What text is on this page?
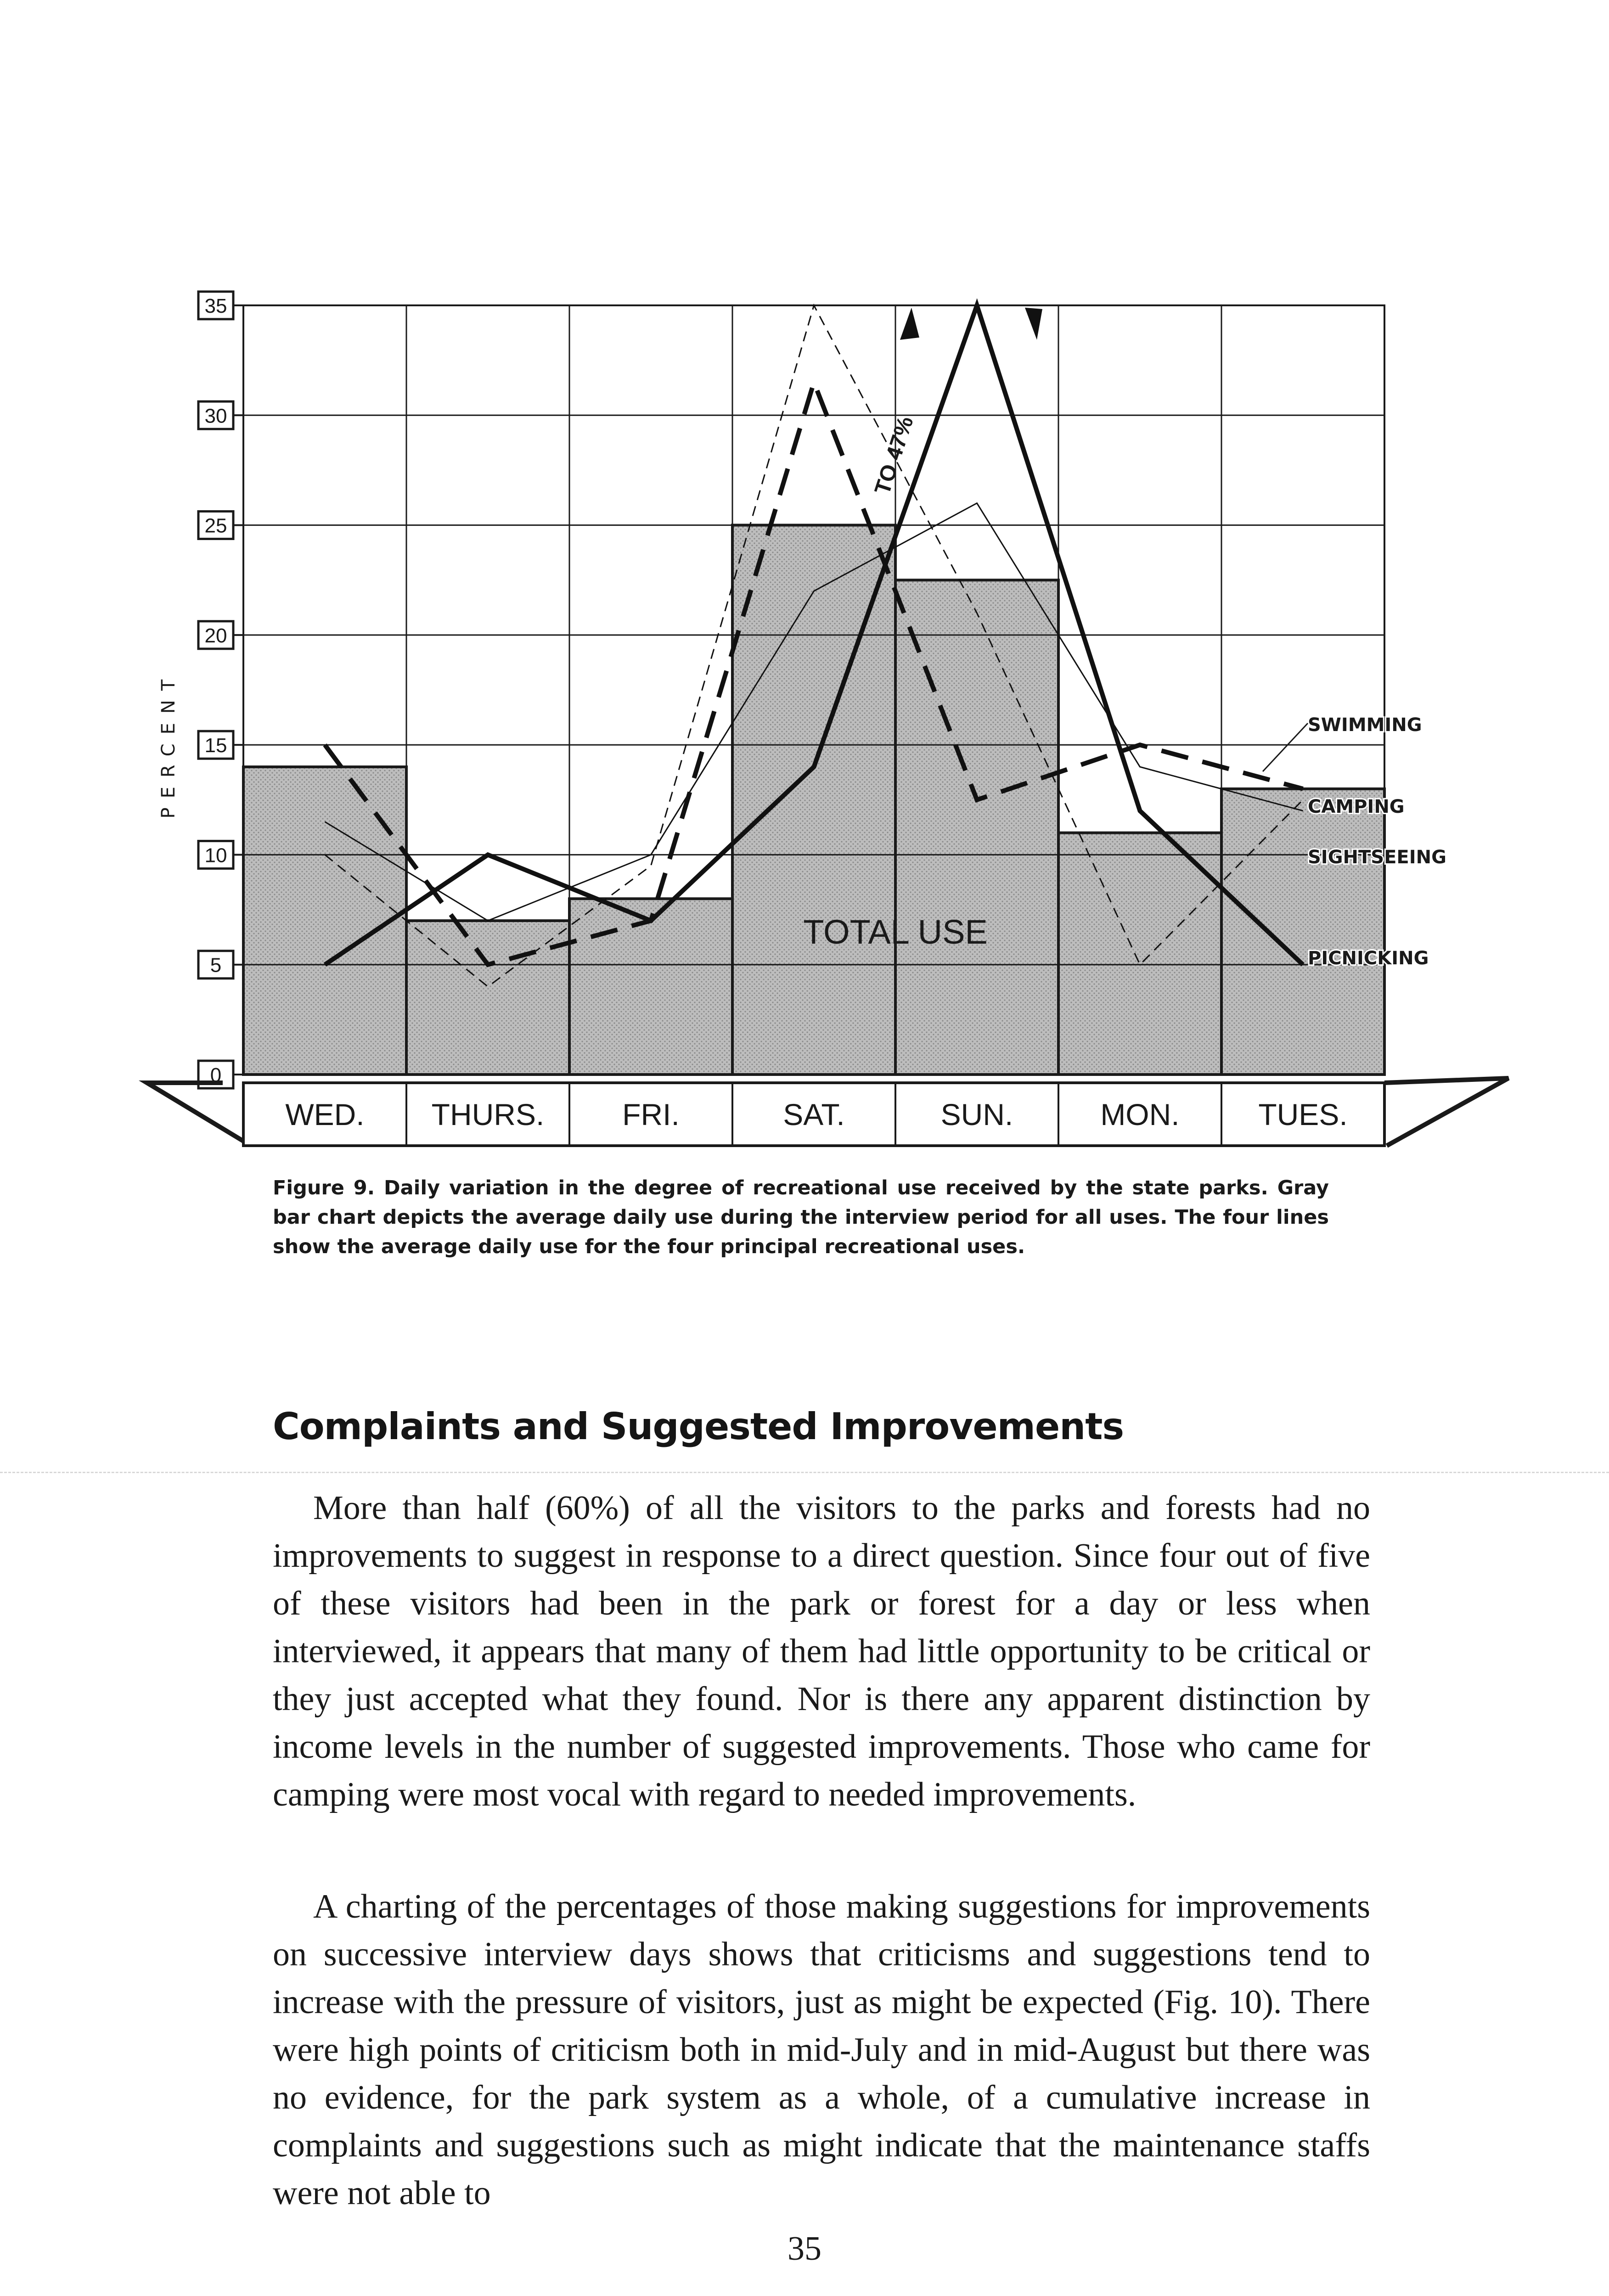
0
5
10
15
20
25
30
35
PERCENT
WED. THURS.	FRI.	SAT.	SUN.	MON.	TUES.
TOTAL USE
TO 47%
SWIMMING
CAMPING
SIGHTSEEING
PICNICKING

Figure 9. Daily variation in the degree of recreational use received by the state parks. Gray bar chart depicts the average daily use during the interview period for all uses. The four lines show the average daily use for the four principal recreational uses.

Complaints and Suggested Improvements

More than half (60%) of all the visitors to the parks and forests had no improvements to suggest in response to a direct question. Since four out of five of these visitors had been in the park or forest for a day or less when interviewed, it appears that many of them had little opportunity to be critical or they just accepted what they found. Nor is there any apparent distinction by income levels in the number of suggested improvements. Those who came for camping were most vocal with regard to needed improvements.

A charting of the percentages of those making suggestions for improvements on successive interview days shows that criticisms and suggestions tend to increase with the pressure of visitors, just as might be expected (Fig. 10). There were high points of criticism both in mid-July and in mid-August but there was no evidence, for the park system as a whole, of a cumulative increase in complaints and suggestions such as might indicate that the maintenance staffs were not able to

35
